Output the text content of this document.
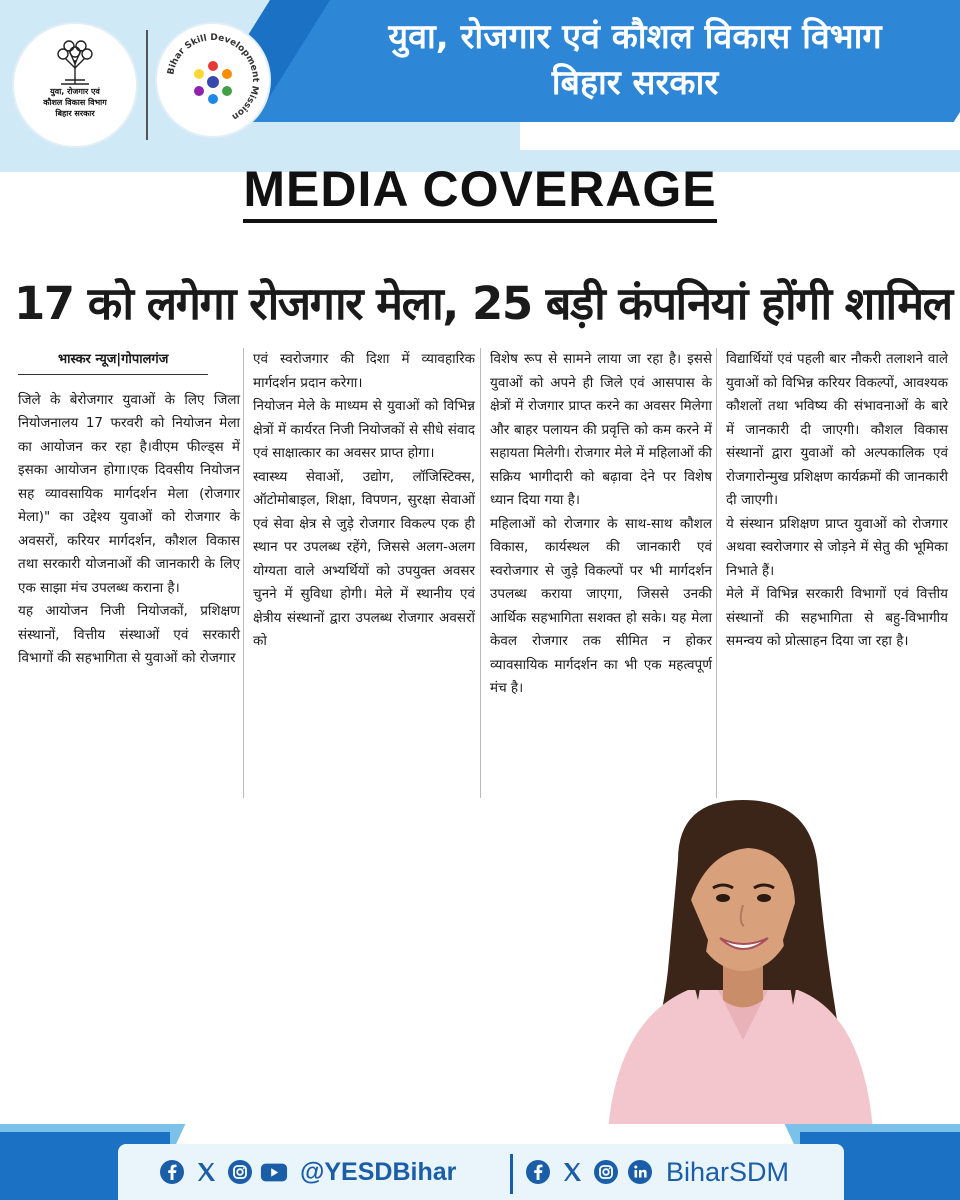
युवा, रोजगार एवं
कौशल विकास विभाग
बिहार सरकार
Bihar Skill Development Mission
युवा, रोजगार एवं कौशल विकास विभाग
बिहार सरकार
MEDIA COVERAGE
17 को लगेगा रोजगार मेला, 25 बड़ी कंपनियां होंगी शामिल
भास्कर न्यूज|गोपालगंज

जिले के बेरोजगार युवाओं के लिए जिला नियोजनालय 17 फरवरी को नियोजन मेला का आयोजन कर रहा है।वीएम फील्ड्स में इसका आयोजन होगा।एक दिवसीय नियोजन सह व्यावसायिक मार्गदर्शन मेला (रोजगार मेला)" का उद्देश्य युवाओं को रोजगार के अवसरों, करियर मार्गदर्शन, कौशल विकास तथा सरकारी योजनाओं की जानकारी के लिए एक साझा मंच उपलब्ध कराना है।

यह आयोजन निजी नियोजकों, प्रशिक्षण संस्थानों, वित्तीय संस्थाओं एवं सरकारी विभागों की सहभागिता से युवाओं को रोजगार

एवं स्वरोजगार की दिशा में व्यावहारिक मार्गदर्शन प्रदान करेगा।

नियोजन मेले के माध्यम से युवाओं को विभिन्न क्षेत्रों में कार्यरत निजी नियोजकों से सीधे संवाद एवं साक्षात्कार का अवसर प्राप्त होगा।

स्वास्थ्य सेवाओं, उद्योग, लॉजिस्टिक्स, ऑटोमोबाइल, शिक्षा, विपणन, सुरक्षा सेवाओं एवं सेवा क्षेत्र से जुड़े रोजगार विकल्प एक ही स्थान पर उपलब्ध रहेंगे, जिससे अलग-अलग योग्यता वाले अभ्यर्थियों को उपयुक्त अवसर चुनने में सुविधा होगी। मेले में स्थानीय एवं क्षेत्रीय संस्थानों द्वारा उपलब्ध रोजगार अवसरों को

विशेष रूप से सामने लाया जा रहा है। इससे युवाओं को अपने ही जिले एवं आसपास के क्षेत्रों में रोजगार प्राप्त करने का अवसर मिलेगा और बाहर पलायन की प्रवृत्ति को कम करने में सहायता मिलेगी। रोजगार मेले में महिलाओं की सक्रिय भागीदारी को बढ़ावा देने पर विशेष ध्यान दिया गया है।

महिलाओं को रोजगार के साथ-साथ कौशल विकास, कार्यस्थल की जानकारी एवं स्वरोजगार से जुड़े विकल्पों पर भी मार्गदर्शन उपलब्ध कराया जाएगा, जिससे उनकी आर्थिक सहभागिता सशक्त हो सके। यह मेला केवल रोजगार तक सीमित न होकर व्यावसायिक मार्गदर्शन का भी एक महत्वपूर्ण मंच है।

विद्यार्थियों एवं पहली बार नौकरी तलाशने वाले युवाओं को विभिन्न करियर विकल्पों, आवश्यक कौशलों तथा भविष्य की संभावनाओं के बारे में जानकारी दी जाएगी। कौशल विकास संस्थानों द्वारा युवाओं को अल्पकालिक एवं रोजगारोन्मुख प्रशिक्षण कार्यक्रमों की जानकारी दी जाएगी।

ये संस्थान प्रशिक्षण प्राप्त युवाओं को रोजगार अथवा स्वरोजगार से जोड़ने में सेतु की भूमिका निभाते हैं।

मेले में विभिन्न सरकारी विभागों एवं वित्तीय संस्थानों की सहभागिता से बहु-विभागीय समन्वय को प्रोत्साहन दिया जा रहा है।

@YESDBihar	BiharSDM
